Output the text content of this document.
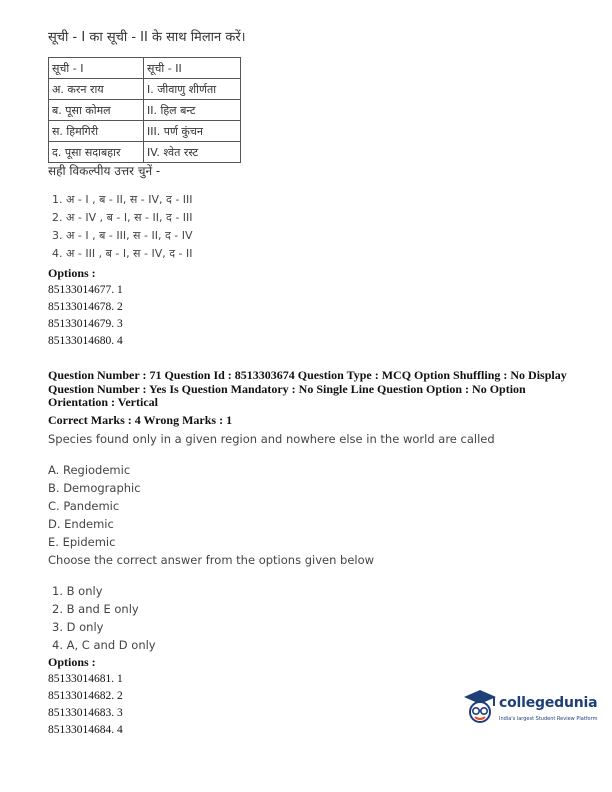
सूची - I का सूची - II के साथ मिलान करें।
सूची - I	सूची - II
अ. करन राय	I. जीवाणु शीर्णता
ब. पूसा कोमल	II. हिल बन्ट
स. हिमगिरी	III. पर्ण कुंचन
द. पूसा सदाबहार	IV. श्वेत रस्ट
सही विकल्पीय उत्तर चुनें -
1. अ - I , ब - II, स - IV, द - III
2. अ - IV , ब - I, स - II, द - III
3. अ - I , ब - III, स - II, द - IV
4. अ - III , ब - I, स - IV, द - II
Options :
85133014677. 1
85133014678. 2
85133014679. 3
85133014680. 4
Question Number : 71 Question Id : 8513303674 Question Type : MCQ Option Shuffling : No Display Question Number : Yes Is Question Mandatory : No Single Line Question Option : No Option Orientation : Vertical
Correct Marks : 4 Wrong Marks : 1
Species found only in a given region and nowhere else in the world are called
A. Regiodemic
B. Demographic
C. Pandemic
D. Endemic
E. Epidemic
Choose the correct answer from the options given below
1. B only
2. B and E only
3. D only
4. A, C and D only
Options :
85133014681. 1
85133014682. 2
85133014683. 3
85133014684. 4
collegedunia
India's largest Student Review Platform
